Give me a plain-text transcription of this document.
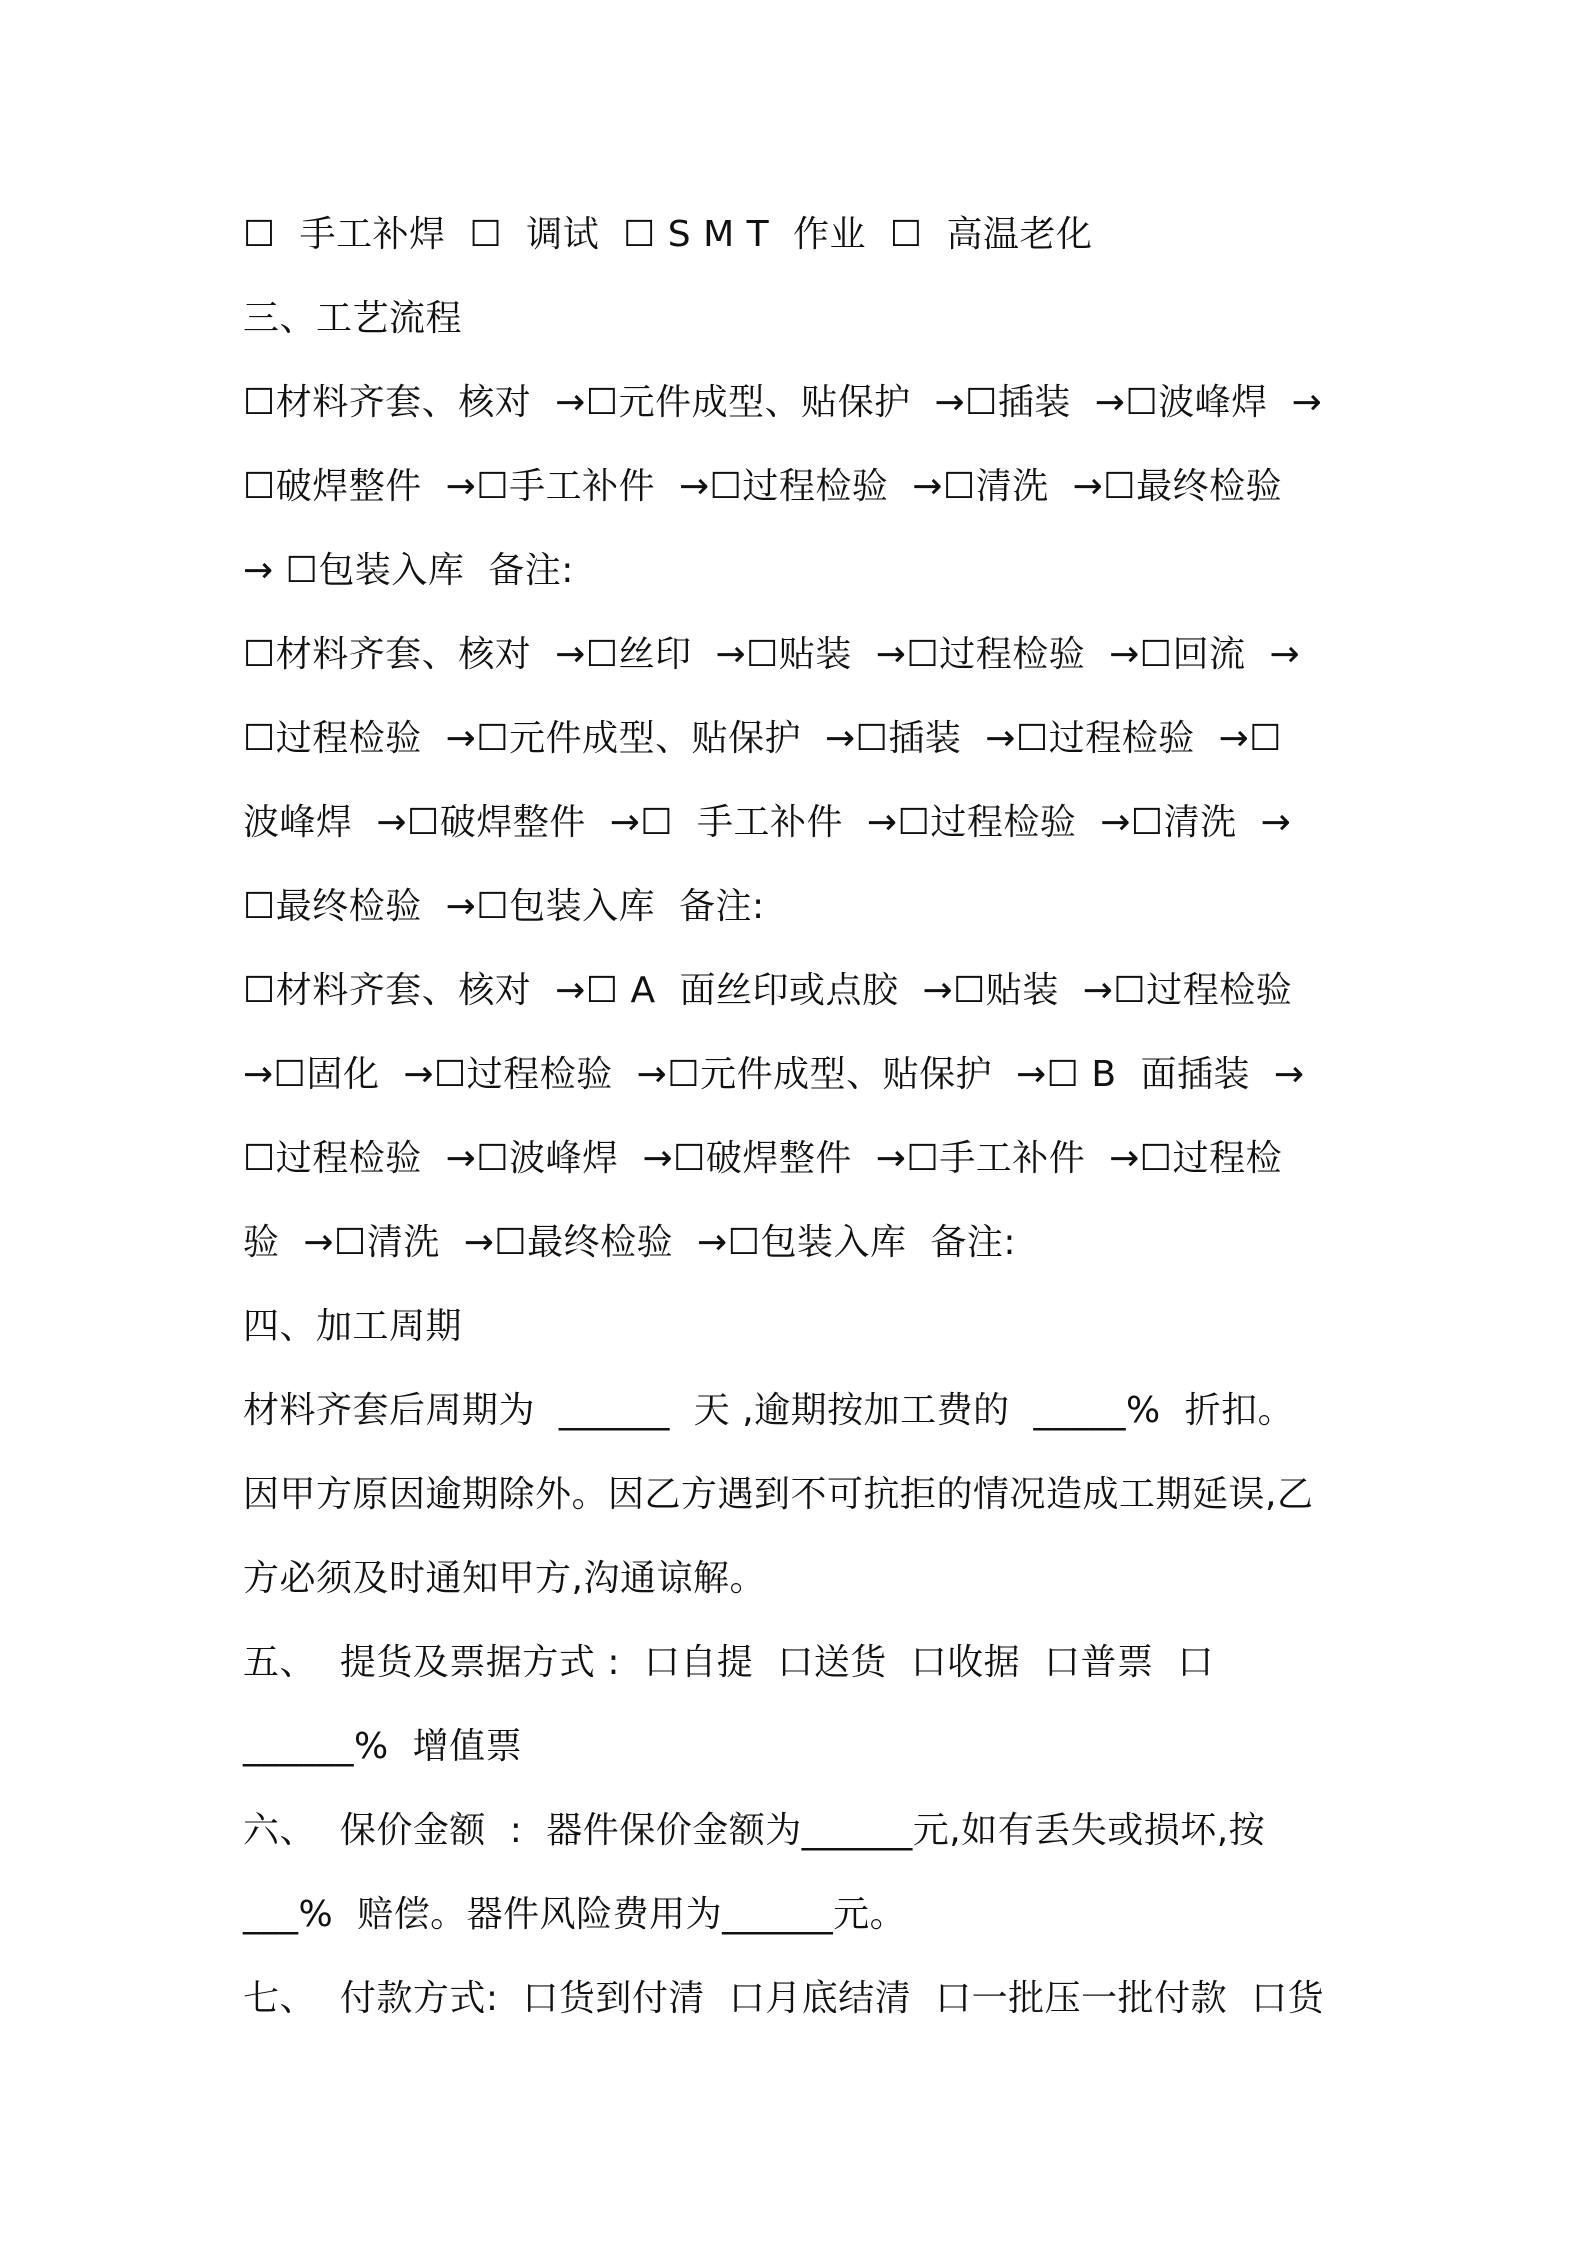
☐  手工补焊  ☐  调试  ☐ S M T  作业  ☐  高温老化
三、工艺流程
☐材料齐套、核对  →☐元件成型、贴保护  →☐插装  →☐波峰焊  →
☐破焊整件  →☐手工补件  →☐过程检验  →☐清洗  →☐最终检验
→ ☐包装入库  备注:
☐材料齐套、核对  →☐丝印  →☐贴装  →☐过程检验  →☐回流  →
☐过程检验  →☐元件成型、贴保护  →☐插装  →☐过程检验  →☐
波峰焊  →☐破焊整件  →☐  手工补件  →☐过程检验  →☐清洗  →
☐最终检验  →☐包装入库  备注:
☐材料齐套、核对  →☐ A  面丝印或点胶  →☐贴装  →☐过程检验
→☐固化  →☐过程检验  →☐元件成型、贴保护  →☐ B  面插装  →
☐过程检验  →☐波峰焊  →☐破焊整件  →☐手工补件  →☐过程检
验  →☐清洗  →☐最终检验  →☐包装入库  备注:
四、加工周期
材料齐套后周期为  ______  天 ,逾期按加工费的  _____%  折扣。
因甲方原因逾期除外。因乙方遇到不可抗拒的情况造成工期延误,乙
方必须及时通知甲方,沟通谅解。
五、  提货及票据方式 :  口自提  口送货  口收据  口普票  口
______%  增值票
六、  保价金额  :  器件保价金额为______元,如有丢失或损坏,按
___%  赔偿。器件风险费用为______元。
七、  付款方式:  口货到付清  口月底结清  口一批压一批付款  口货
